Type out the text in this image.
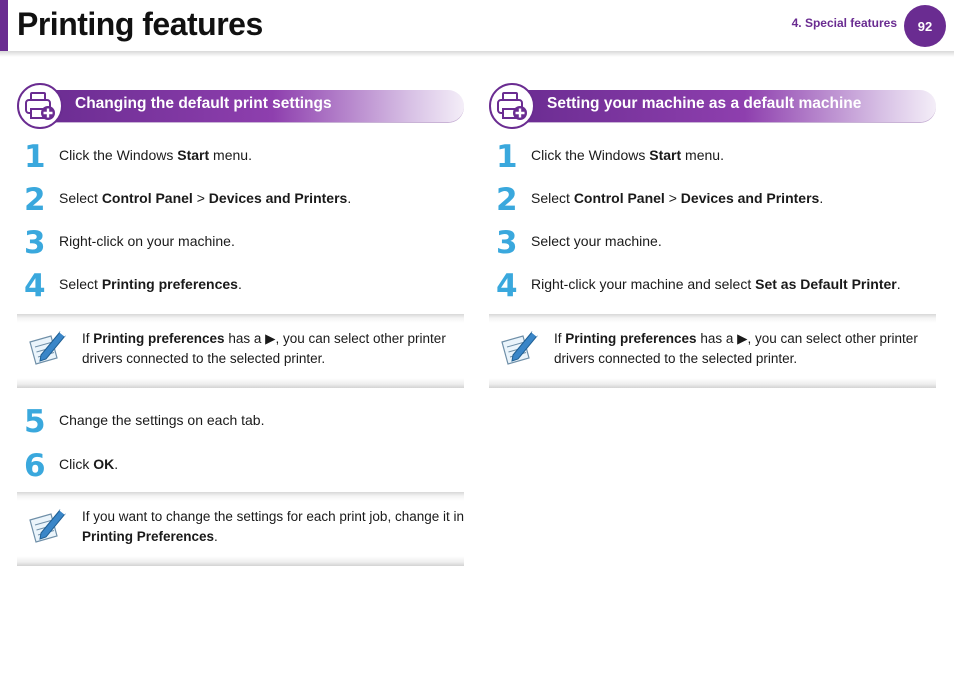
Printing features	4. Special features 92
Changing the default print settings
1 Click the Windows Start menu.
2 Select Control Panel > Devices and Printers.
3 Right-click on your machine.
4 Select Printing preferences.
If Printing preferences has a ▶, you can select other printer drivers connected to the selected printer.
5 Change the settings on each tab.
6 Click OK.
If you want to change the settings for each print job, change it in Printing Preferences.
Setting your machine as a default machine
1 Click the Windows Start menu.
2 Select Control Panel > Devices and Printers.
3 Select your machine.
4 Right-click your machine and select Set as Default Printer.
If Printing preferences has a ▶, you can select other printer drivers connected to the selected printer.
